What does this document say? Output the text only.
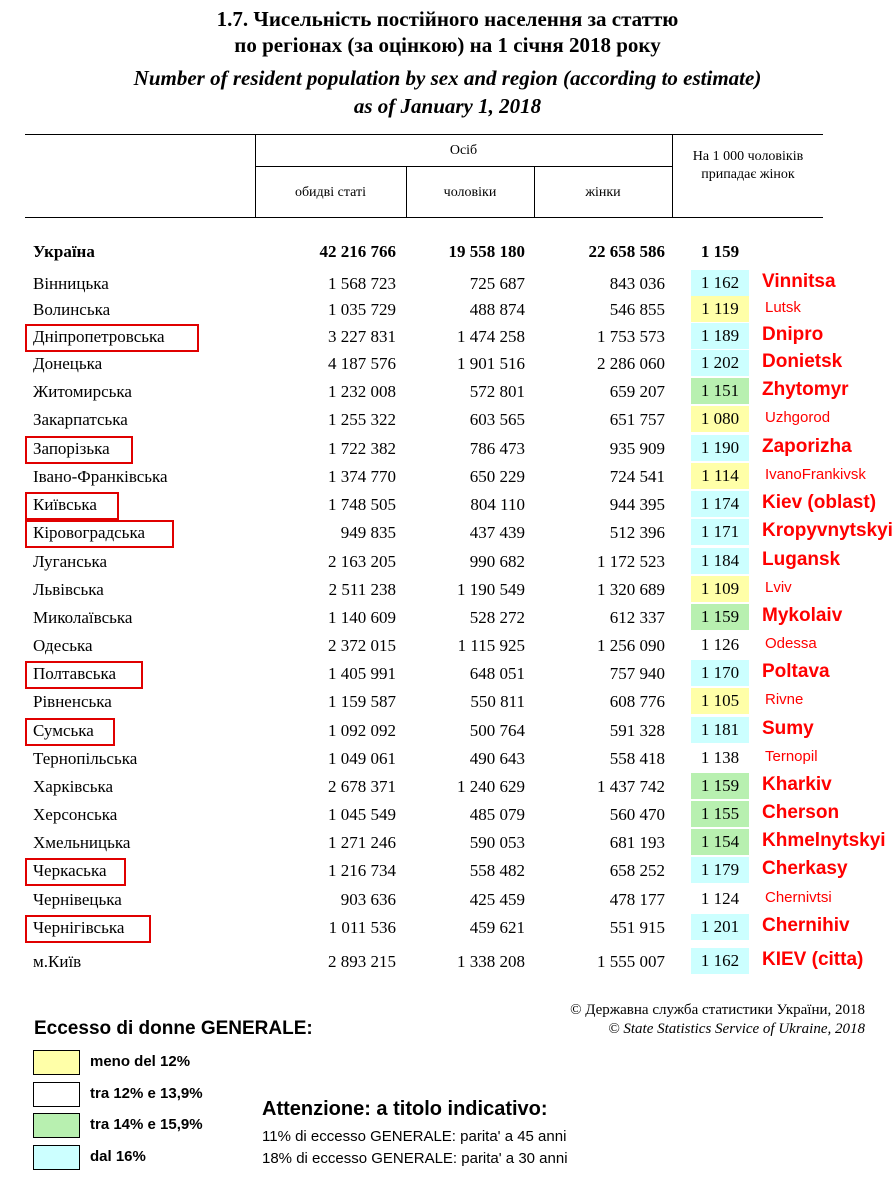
1.7. Чисельність постійного населення за статтю
по регіонах (за оцінкою) на 1 січня 2018 року
Number of resident population by sex and region (according to estimate)
as of January 1, 2018
Осіб
обидві статі	чоловіки	жінки
На 1 000 чоловіків припадає жінок
Україна	42 216 766	19 558 180	22 658 586	1 159
Вінницька	1 568 723	725 687	843 036	1 162	Vinnitsa
Волинська	1 035 729	488 874	546 855	1 119	Lutsk
Дніпропетровська	3 227 831	1 474 258	1 753 573	1 189	Dnipro
Донецька	4 187 576	1 901 516	2 286 060	1 202	Donietsk
Житомирська	1 232 008	572 801	659 207	1 151	Zhytomyr
Закарпатська	1 255 322	603 565	651 757	1 080	Uzhgorod
Запорізька	1 722 382	786 473	935 909	1 190	Zaporizha
Івано-Франківська	1 374 770	650 229	724 541	1 114	IvanoFrankivsk
Київська	1 748 505	804 110	944 395	1 174	Kiev (oblast)
Кіровоградська	949 835	437 439	512 396	1 171	Kropyvnytskyi
Луганська	2 163 205	990 682	1 172 523	1 184	Lugansk
Львівська	2 511 238	1 190 549	1 320 689	1 109	Lviv
Миколаївська	1 140 609	528 272	612 337	1 159	Mykolaiv
Одеська	2 372 015	1 115 925	1 256 090	1 126	Odessa
Полтавська	1 405 991	648 051	757 940	1 170	Poltava
Рівненська	1 159 587	550 811	608 776	1 105	Rivne
Сумська	1 092 092	500 764	591 328	1 181	Sumy
Тернопільська	1 049 061	490 643	558 418	1 138	Ternopil
Харківська	2 678 371	1 240 629	1 437 742	1 159	Kharkiv
Херсонська	1 045 549	485 079	560 470	1 155	Cherson
Хмельницька	1 271 246	590 053	681 193	1 154	Khmelnytskyi
Черкаська	1 216 734	558 482	658 252	1 179	Cherkasy
Чернівецька	903 636	425 459	478 177	1 124	Chernivtsi
Чернігівська	1 011 536	459 621	551 915	1 201	Chernihiv
м.Київ	2 893 215	1 338 208	1 555 007	1 162	KIEV (citta)
© Державна служба статистики України, 2018
© State Statistics Service of Ukraine, 2018
Eccesso di donne GENERALE:
meno del 12%
tra 12% e 13,9%
tra 14% e 15,9%
dal 16%
Attenzione: a titolo indicativo:
11% di eccesso GENERALE: parita' a 45 anni
18% di eccesso GENERALE: parita' a 30 anni
